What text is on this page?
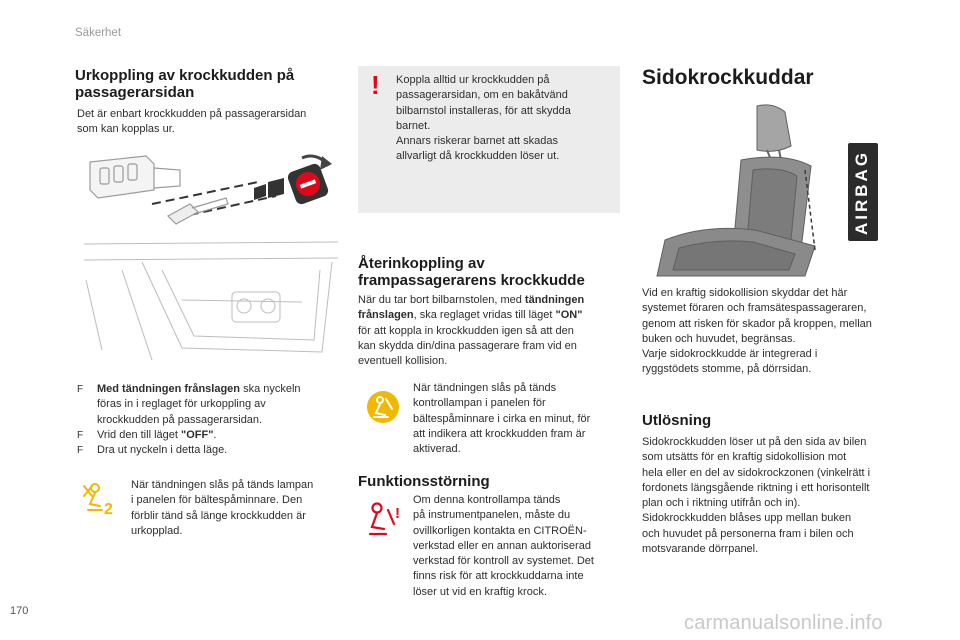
Säkerhet
Urkoppling av krockkudden på
passagerarsidan
Det är enbart krockkudden på passagerarsidan
som kan kopplas ur.
F Med tändningen frånslagen ska nyckeln
föras in i reglaget för urkoppling av
krockkudden på passagerarsidan.
F Vrid den till läget "OFF".
F Dra ut nyckeln i detta läge.
2
När tändningen slås på tänds lampan
i panelen för bältespåminnare. Den
förblir tänd så länge krockkudden är
urkopplad.
! Koppla alltid ur krockkudden på
passagerarsidan, om en bakåtvänd
bilbarnstol installeras, för att skydda
barnet.
Annars riskerar barnet att skadas
allvarligt då krockkudden löser ut.
Återinkoppling av
frampassagerarens krockkudde
När du tar bort bilbarnstolen, med tändningen
frånslagen, ska reglaget vridas till läget "ON"
för att koppla in krockkudden igen så att den
kan skydda din/dina passagerare fram vid en
eventuell kollision.
När tändningen slås på tänds
kontrollampan i panelen för
bältespåminnare i cirka en minut, för
att indikera att krockkudden fram är
aktiverad.
Funktionsstörning
!
Om denna kontrollampa tänds
på instrumentpanelen, måste du
ovillkorligen kontakta en CITROËN-
verkstad eller en annan auktoriserad
verkstad för kontroll av systemet. Det
finns risk för att krockkuddarna inte
löser ut vid en kraftig krock.
Sidokrockkuddar
AIRBAG
Vid en kraftig sidokollision skyddar det här
systemet föraren och framsätespassageraren,
genom att risken för skador på kroppen, mellan
buken och huvudet, begränsas.
Varje sidokrockkudde är integrerad i
ryggstödets stomme, på dörrsidan.
Utlösning
Sidokrockkudden löser ut på den sida av bilen
som utsätts för en kraftig sidokollision mot
hela eller en del av sidokrockzonen (vinkelrätt i
fordonets längsgående riktning i ett horisontellt
plan och i riktning utifrån och in).
Sidokrockkudden blåses upp mellan buken
och huvudet på personerna fram i bilen och
motsvarande dörrpanel.
170
carmanualsonline.info
